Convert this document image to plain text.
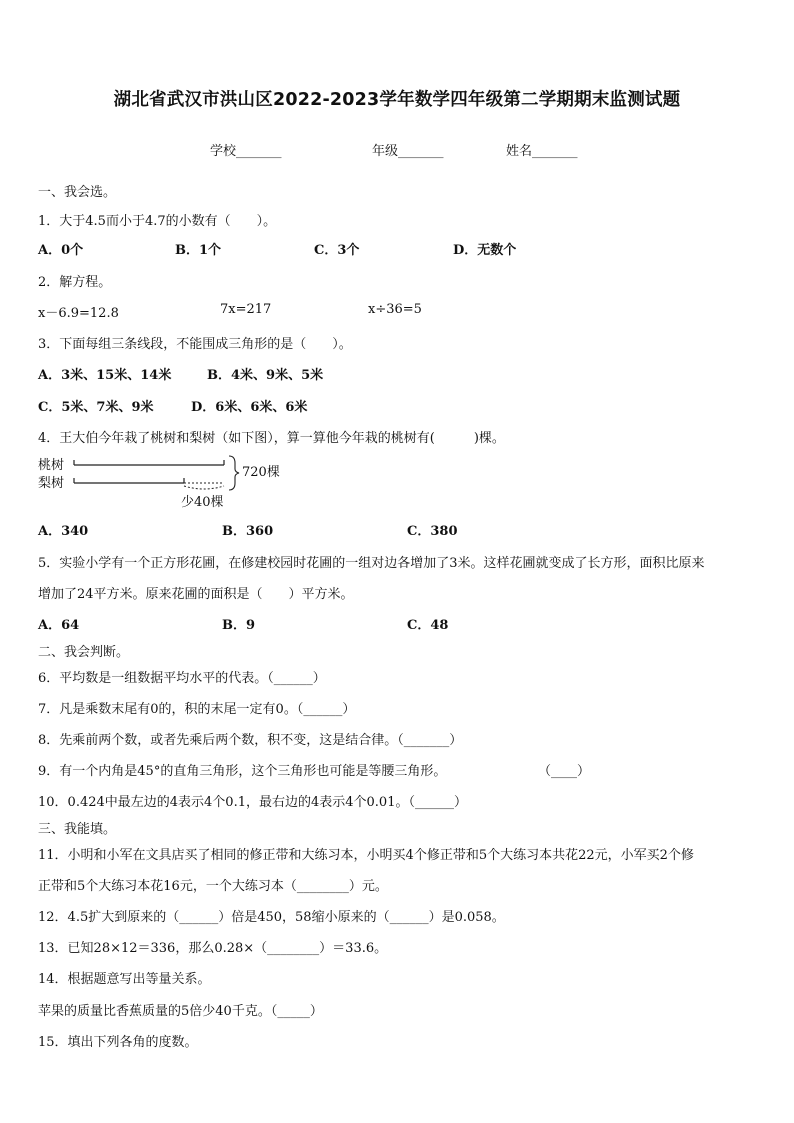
湖北省武汉市洪山区2022-2023学年数学四年级第二学期期末监测试题
学校_______	年级_______	姓名_______
一、我会选。
1．大于4.5而小于4.7的小数有（　　）。
A．0个	B．1个	C．3个	D．无数个
2．解方程。
x－6.9=12.8	7x=217	x÷36=5
3．下面每组三条线段，不能围成三角形的是（　　）。
A．3米、15米、14米	B．4米、9米、5米
C．5米、7米、9米	D．6米、6米、6米
4．王大伯今年栽了桃树和梨树（如下图），算一算他今年栽的桃树有(　　　)棵。
桃树
梨树
720棵
少40棵
A．340	B．360	C．380
5．实验小学有一个正方形花圃，在修建校园时花圃的一组对边各增加了3米。这样花圃就变成了长方形，面积比原来
增加了24平方米。原来花圃的面积是（　　）平方米。
A．64	B．9	C．48
二、我会判断。
6．平均数是一组数据平均水平的代表。（______）
7．凡是乘数末尾有0的，积的末尾一定有0。（______）
8．先乘前两个数，或者先乘后两个数，积不变，这是结合律。（_______）
9．有一个内角是45°的直角三角形，这个三角形也可能是等腰三角形。	（____）
10．0.424中最左边的4表示4个0.1，最右边的4表示4个0.01。（______）
三、我能填。
11．小明和小军在文具店买了相同的修正带和大练习本，小明买4个修正带和5个大练习本共花22元，小军买2个修
正带和5个大练习本花16元，一个大练习本（________）元。
12．4.5扩大到原来的（______）倍是450，58缩小原来的（______）是0.058。
13．已知28×12＝336，那么0.28×（________）＝33.6。
14．根据题意写出等量关系。
苹果的质量比香蕉质量的5倍少40千克。（_____）
15．填出下列各角的度数。
